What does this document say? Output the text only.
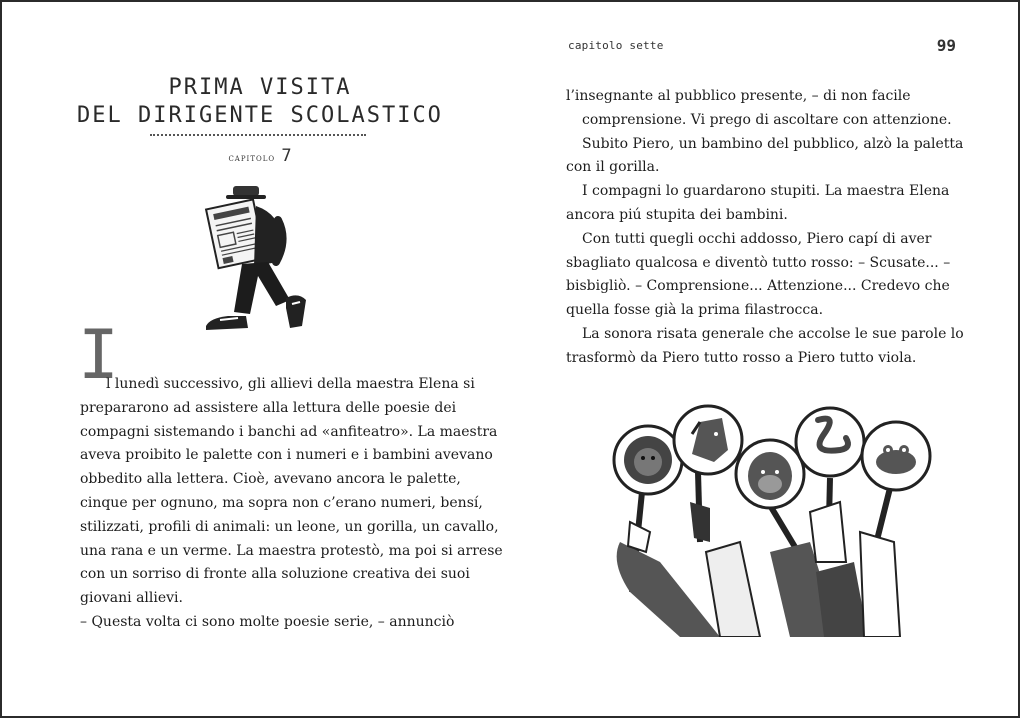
PRIMA VISITA
DEL DIRIGENTE SCOLASTICO
capitolo 7
I
l lunedì successivo, gli allievi della maestra Elena si
prepararono ad assistere alla lettura delle poesie dei
compagni sistemando i banchi ad «anfiteatro». La maestra
aveva proibito le palette con i numeri e i bambini avevano
obbedito alla lettera. Cioè, avevano ancora le palette,
cinque per ognuno, ma sopra non c’erano numeri, bensí,
stilizzati, profili di animali: un leone, un gorilla, un cavallo,
una rana e un verme. La maestra protestò, ma poi si arrese
con un sorriso di fronte alla soluzione creativa dei suoi
giovani allievi.
– Questa volta ci sono molte poesie serie, – annunciò
capitolo sette	99
l’insegnante al pubblico presente, – di non facile
comprensione. Vi prego di ascoltare con attenzione.
Subito Piero, un bambino del pubblico, alzò la paletta
con il gorilla.
I compagni lo guardarono stupiti. La maestra Elena
ancora piú stupita dei bambini.
Con tutti quegli occhi addosso, Piero capí di aver
sbagliato qualcosa e diventò tutto rosso: – Scusate... –
bisbigliò. – Comprensione... Attenzione... Credevo che
quella fosse già la prima filastrocca.
La sonora risata generale che accolse le sue parole lo
trasformò da Piero tutto rosso a Piero tutto viola.
